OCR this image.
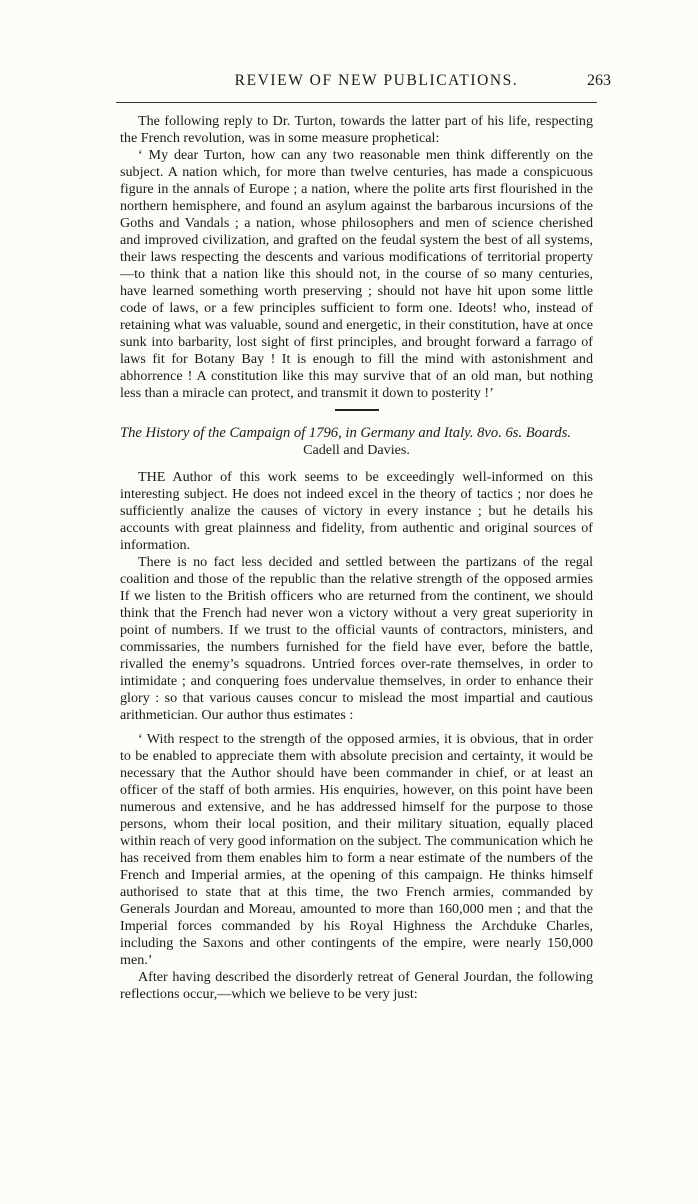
REVIEW OF NEW PUBLICATIONS.	263

The following reply to Dr. Turton, towards the latter part of his life, respecting the French revolution, was in some measure prophetical:

‘ My dear Turton, how can any two reasonable men think differently on the subject. A nation which, for more than twelve centuries, has made a conspicuous figure in the annals of Europe ; a nation, where the polite arts first flourished in the northern hemisphere, and found an asylum against the barbarous incursions of the Goths and Vandals ; a nation, whose philosophers and men of science cherished and improved civilization, and grafted on the feudal system the best of all systems, their laws respecting the descents and various modifications of territorial property—to think that a nation like this should not, in the course of so many centuries, have learned something worth preserving ; should not have hit upon some little code of laws, or a few principles sufficient to form one. Ideots! who, instead of retaining what was valuable, sound and energetic, in their constitution, have at once sunk into barbarity, lost sight of first principles, and brought forward a farrago of laws fit for Botany Bay ! It is enough to fill the mind with astonishment and abhorrence ! A constitution like this may survive that of an old man, but nothing less than a miracle can protect, and transmit it down to posterity !’

The History of the Campaign of 1796, in Germany and Italy. 8vo. 6s. Boards.

Cadell and Davies.

THE Author of this work seems to be exceedingly well-informed on this interesting subject. He does not indeed excel in the theory of tactics ; nor does he sufficiently analize the causes of victory in every instance ; but he details his accounts with great plainness and fidelity, from authentic and original sources of information.

There is no fact less decided and settled between the partizans of the regal coalition and those of the republic than the relative strength of the opposed armies If we listen to the British officers who are returned from the continent, we should think that the French had never won a victory without a very great superiority in point of numbers. If we trust to the official vaunts of contractors, ministers, and commissaries, the numbers furnished for the field have ever, before the battle, rivalled the enemy’s squadrons. Untried forces over-rate themselves, in order to intimidate ; and conquering foes undervalue themselves, in order to enhance their glory : so that various causes concur to mislead the most impartial and cautious arithmetician. Our author thus estimates :

‘ With respect to the strength of the opposed armies, it is obvious, that in order to be enabled to appreciate them with absolute precision and certainty, it would be necessary that the Author should have been commander in chief, or at least an officer of the staff of both armies. His enquiries, however, on this point have been numerous and extensive, and he has addressed himself for the purpose to those persons, whom their local position, and their military situation, equally placed within reach of very good information on the subject. The communication which he has received from them enables him to form a near estimate of the numbers of the French and Imperial armies, at the opening of this campaign. He thinks himself authorised to state that at this time, the two French armies, commanded by Generals Jourdan and Moreau, amounted to more than 160,000 men ; and that the Imperial forces commanded by his Royal Highness the Archduke Charles, including the Saxons and other contingents of the empire, were nearly 150,000 men.’

After having described the disorderly retreat of General Jourdan, the following reflections occur,—which we believe to be very just:
